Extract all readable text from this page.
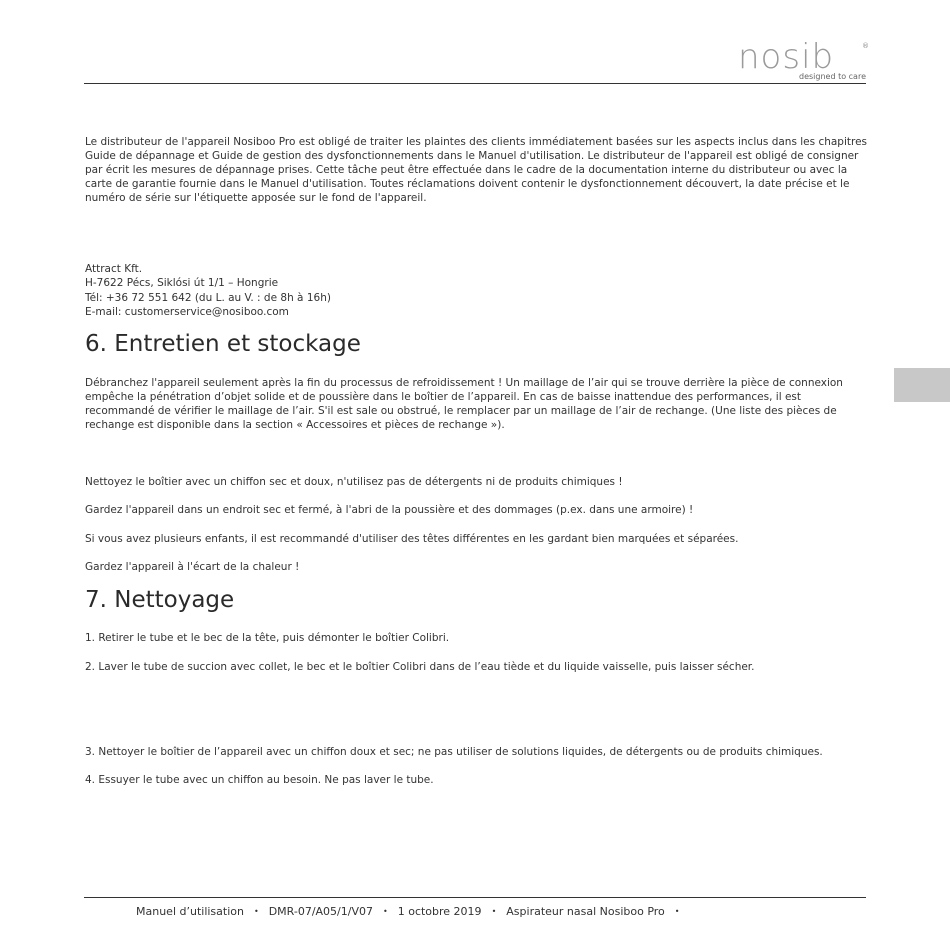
nosib	®
designed to care

Le distributeur de l'appareil Nosiboo Pro est obligé de traiter les plaintes des clients immédiatement basées sur les aspects inclus dans les chapitres Guide de dépannage et Guide de gestion des dysfonctionnements dans le Manuel d'utilisation. Le distributeur de l'appareil est obligé de consigner par écrit les mesures de dépannage prises. Cette tâche peut être effectuée dans le cadre de la documentation interne du distributeur ou avec la carte de garantie fournie dans le Manuel d'utilisation. Toutes réclamations doivent contenir le dysfonctionnement découvert, la date précise et le numéro de série sur l'étiquette apposée sur le fond de l'appareil.

Attract Kft.
H-7622 Pécs, Siklósi út 1/1 – Hongrie
Tél: +36 72 551 642 (du L. au V. : de 8h à 16h)
E-mail: customerservice@nosiboo.com
6. Entretien et stockage

Débranchez l'appareil seulement après la fin du processus de refroidissement ! Un maillage de l’air qui se trouve derrière la pièce de connexion empêche la pénétration d’objet solide et de poussière dans le boîtier de l’appareil. En cas de baisse inattendue des performances, il est recommandé de vérifier le maillage de l’air. S'il est sale ou obstrué, le remplacer par un maillage de l’air de rechange. (Une liste des pièces de rechange est disponible dans la section « Accessoires et pièces de rechange »).

Nettoyez le boîtier avec un chiffon sec et doux, n'utilisez pas de détergents ni de produits chimiques !

Gardez l'appareil dans un endroit sec et fermé, à l'abri de la poussière et des dommages (p.ex. dans une armoire) !

Si vous avez plusieurs enfants, il est recommandé d'utiliser des têtes différentes en les gardant bien marquées et séparées.

Gardez l'appareil à l'écart de la chaleur !

7. Nettoyage

1. Retirer le tube et le bec de la tête, puis démonter le boîtier Colibri.

2. Laver le tube de succion avec collet, le bec et le boîtier Colibri dans de l’eau tiède et du liquide vaisselle, puis laisser sécher.

3. Nettoyer le boîtier de l’appareil avec un chiffon doux et sec; ne pas utiliser de solutions liquides, de détergents ou de produits chimiques.

4. Essuyer le tube avec un chiffon au besoin. Ne pas laver le tube.

Manuel d’utilisation • DMR-07/A05/1/V07 • 1 octobre 2019 • Aspirateur nasal Nosiboo Pro •
